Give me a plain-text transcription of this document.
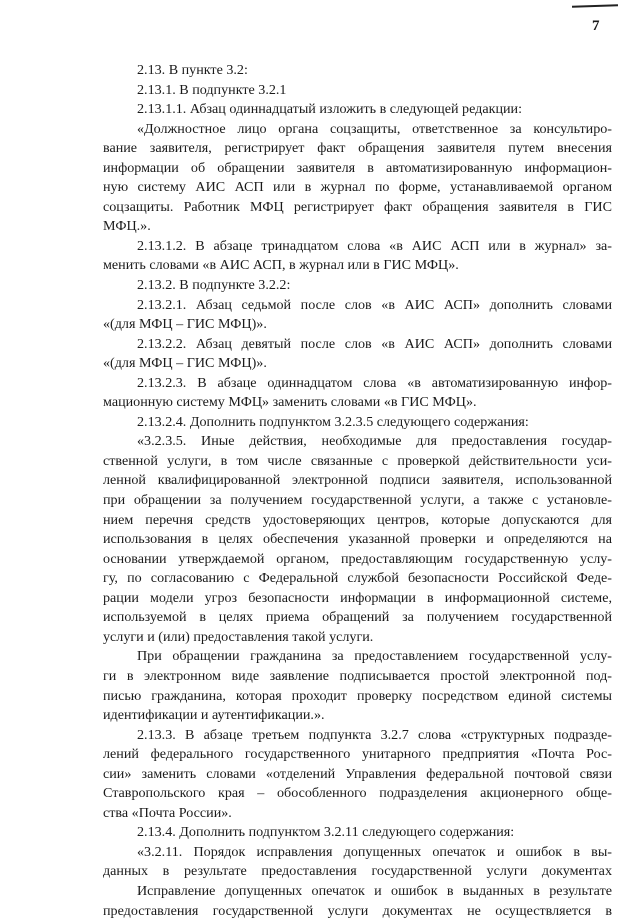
7
2.13. В пункте 3.2:
2.13.1. В подпункте 3.2.1
2.13.1.1. Абзац одиннадцатый изложить в следующей редакции:
«Должностное лицо органа соцзащиты, ответственное за консультиро-
вание заявителя, регистрирует факт обращения заявителя путем внесения
информации об обращении заявителя в автоматизированную информацион-
ную систему АИС АСП или в журнал по форме, устанавливаемой органом
соцзащиты. Работник МФЦ регистрирует факт обращения заявителя в ГИС
МФЦ.».
2.13.1.2. В абзаце тринадцатом слова «в АИС АСП или в журнал» за-
менить словами «в АИС АСП, в журнал или в ГИС МФЦ».
2.13.2. В подпункте 3.2.2:
2.13.2.1. Абзац седьмой после слов «в АИС АСП» дополнить словами
«(для МФЦ – ГИС МФЦ)».
2.13.2.2. Абзац девятый после слов «в АИС АСП» дополнить словами
«(для МФЦ – ГИС МФЦ)».
2.13.2.3. В абзаце одиннадцатом слова «в автоматизированную инфор-
мационную систему МФЦ» заменить словами «в ГИС МФЦ».
2.13.2.4. Дополнить подпунктом 3.2.3.5 следующего содержания:
«3.2.3.5. Иные действия, необходимые для предоставления государ-
ственной услуги, в том числе связанные с проверкой действительности уси-
ленной квалифицированной электронной подписи заявителя, использованной
при обращении за получением государственной услуги, а также с установле-
нием перечня средств удостоверяющих центров, которые допускаются для
использования в целях обеспечения указанной проверки и определяются на
основании утверждаемой органом, предоставляющим государственную услу-
гу, по согласованию с Федеральной службой безопасности Российской Феде-
рации модели угроз безопасности информации в информационной системе,
используемой в целях приема обращений за получением государственной
услуги и (или) предоставления такой услуги.
При обращении гражданина за предоставлением государственной услу-
ги в электронном виде заявление подписывается простой электронной под-
писью гражданина, которая проходит проверку посредством единой системы
идентификации и аутентификации.».
2.13.3. В абзаце третьем подпункта 3.2.7 слова «структурных подразде-
лений федерального государственного унитарного предприятия «Почта Рос-
сии» заменить словами «отделений Управления федеральной почтовой связи
Ставропольского края – обособленного подразделения акционерного обще-
ства «Почта России».
2.13.4. Дополнить подпунктом 3.2.11 следующего содержания:
«3.2.11. Порядок исправления допущенных опечаток и ошибок в вы-
данных в результате предоставления государственной услуги документах
Исправление допущенных опечаток и ошибок в выданных в результате
предоставления государственной услуги документах не осуществляется в
